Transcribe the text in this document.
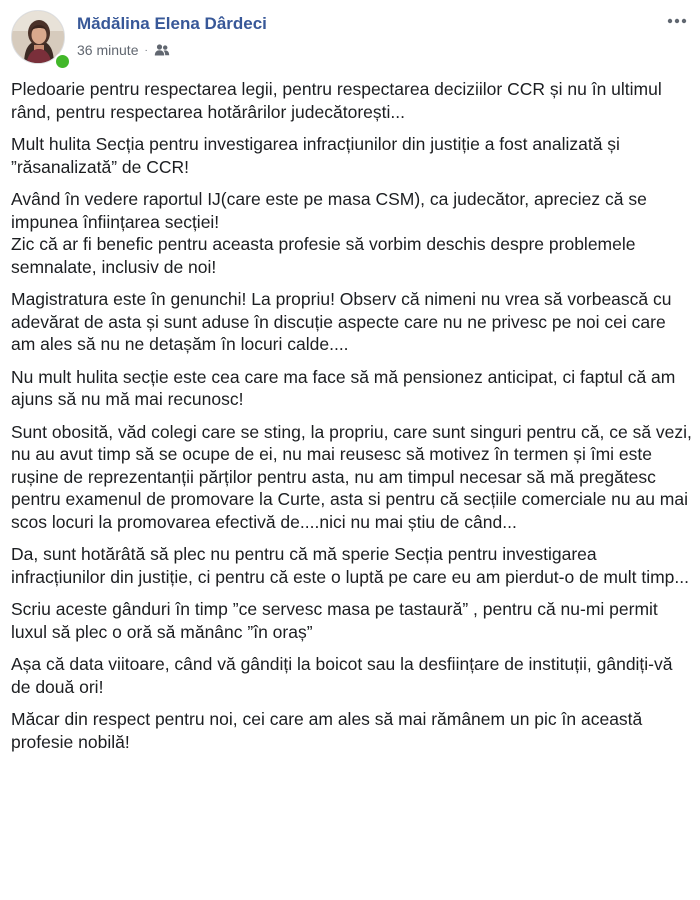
Mădălina Elena Dârdeci
36 minute ·

Pledoarie pentru respectarea legii, pentru respectarea deciziilor CCR și nu în ultimul rând, pentru respectarea hotărârilor judecătorești...

Mult hulita Secția pentru investigarea infracțiunilor din justiție a fost analizată și ”răsanalizată” de CCR!

Având în vedere raportul IJ(care este pe masa CSM), ca judecător, apreciez că se impunea înființarea secției!
Zic că ar fi benefic pentru aceasta profesie să vorbim deschis despre problemele semnalate, inclusiv de noi!

Magistratura este în genunchi! La propriu! Observ că nimeni nu vrea să vorbească cu adevărat de asta și sunt aduse în discuție aspecte care nu ne privesc pe noi cei care am ales să nu ne detașăm în locuri calde....

Nu mult hulita secție este cea care ma face să mă pensionez anticipat, ci faptul că am ajuns să nu mă mai recunosc!

Sunt obosită, văd colegi care se sting, la propriu, care sunt singuri pentru că, ce să vezi, nu au avut timp să se ocupe de ei, nu mai reusesc să motivez în termen și îmi este rușine de reprezentanții părților pentru asta, nu am timpul necesar să mă pregătesc pentru examenul de promovare la Curte, asta si pentru că secțiile comerciale nu au mai scos locuri la promovarea efectivă de....nici nu mai știu de când...

Da, sunt hotărâtă să plec nu pentru că mă sperie Secția pentru investigarea infracțiunilor din justiție, ci pentru că este o luptă pe care eu am pierdut-o de mult timp...

Scriu aceste gânduri în timp ”ce servesc masa pe tastaură” , pentru că nu-mi permit luxul să plec o oră să mănânc ”în oraș”

Așa că data viitoare, când vă gândiți la boicot sau la desființare de instituții, gândiți-vă de două ori!

Măcar din respect pentru noi, cei care am ales să mai rămânem un pic în această profesie nobilă!
